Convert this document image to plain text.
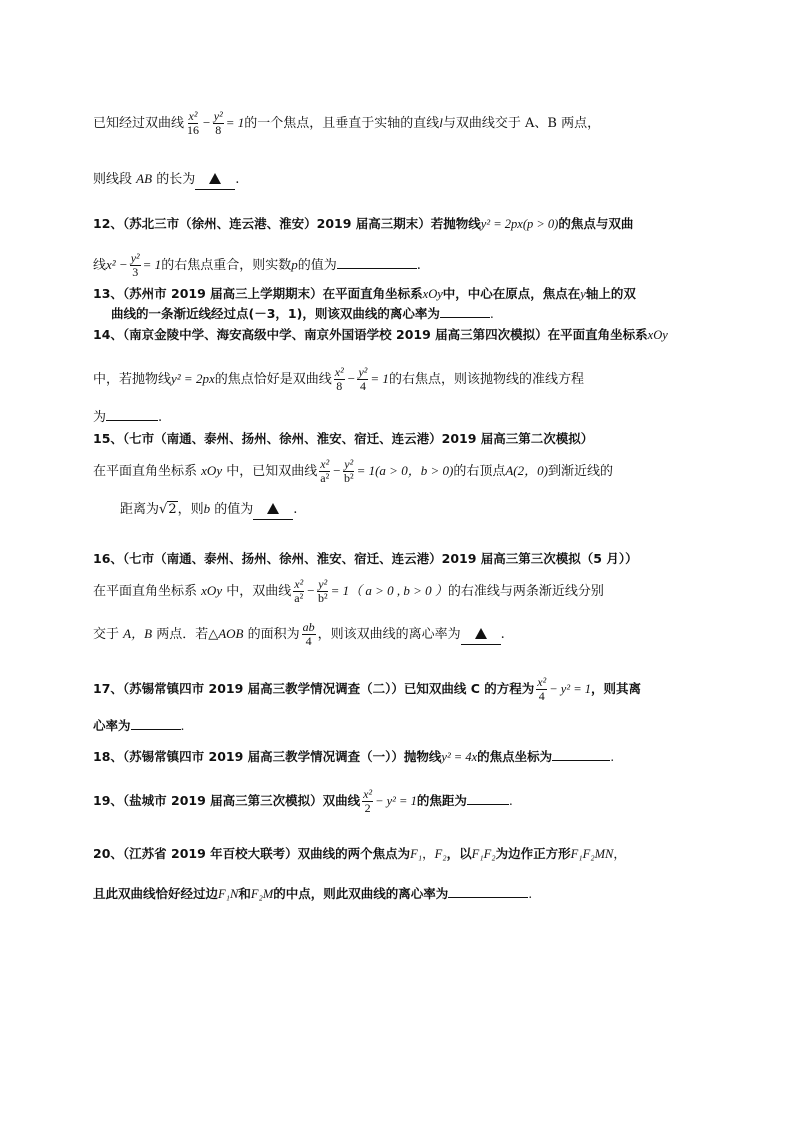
已知经过双曲线 $\frac{\text{x²}}{16} - \frac{\text{y²}}{8} = 1$的一个焦点，且垂直于实轴的直线l与双曲线交于 A、B 两点，
则线段 AB 的长为	.
12、（苏北三市（徐州、连云港、淮安）2019 届高三期末）若抛物线y² = 2px(p > 0)的焦点与双曲
线$x^2 - \frac{\text{y²}}{3} = 1$的右焦点重合，则实数p的值为	.
13、（苏州市 2019 届高三上学期期末）在平面直角坐标系xOy中，中心在原点，焦点在y轴上的双
曲线的一条渐近线经过点(－3，1)，则该双曲线的离心率为	.
14、（南京金陵中学、海安高级中学、南京外国语学校 2019 届高三第四次模拟）在平面直角坐标系xOy
中，若抛物线y² = 2px的焦点恰好是双曲线 $\frac{\text{x²}}{8} - \frac{\text{y²}}{4} = 1$的右焦点，则该抛物线的准线方程
为	.
15、（七市（南通、泰州、扬州、徐州、淮安、宿迁、连云港）2019 届高三第二次模拟）
在平面直角坐标系 xOy 中，已知双曲线 $\frac{\text{x²}}{\text{a²}} - \frac{\text{y²}}{\text{b²}} = 1(a > 0$，b > 0)的右顶点A(2，0)到渐近线的
距离为√2，则b 的值为	.
16、（七市（南通、泰州、扬州、徐州、淮安、宿迁、连云港）2019 届高三第三次模拟（5 月））
在平面直角坐标系 xOy 中，双曲线 $\frac{\text{x²}}{\text{a²}} - \frac{\text{y²}}{\text{b²}} = 1$（ a > 0 , b > 0 ）的右准线与两条渐近线分别
交于 A，B 两点．若△AOB 的面积为 $\frac{ab}{4}$ ，则该双曲线的离心率为	.
17、（苏锡常镇四市 2019 届高三教学情况调查（二））已知双曲线 C 的方程为 $\frac{\text{x²}}{4} - y^2 = 1$，则其离
心率为	.
18、（苏锡常镇四市 2019 届高三教学情况调查（一））抛物线y² = 4x的焦点坐标为	.
19、（盐城市 2019 届高三第三次模拟）双曲线 $\frac{\text{x²}}{2} - y^2 = 1$的焦距为	.
20、（江苏省 2019 年百校大联考）双曲线的两个焦点为F₁，F₂，以F₁F₂为边作正方形F₁F₂MN，
且此双曲线恰好经过边F₁N和F₂M的中点，则此双曲线的离心率为	.
